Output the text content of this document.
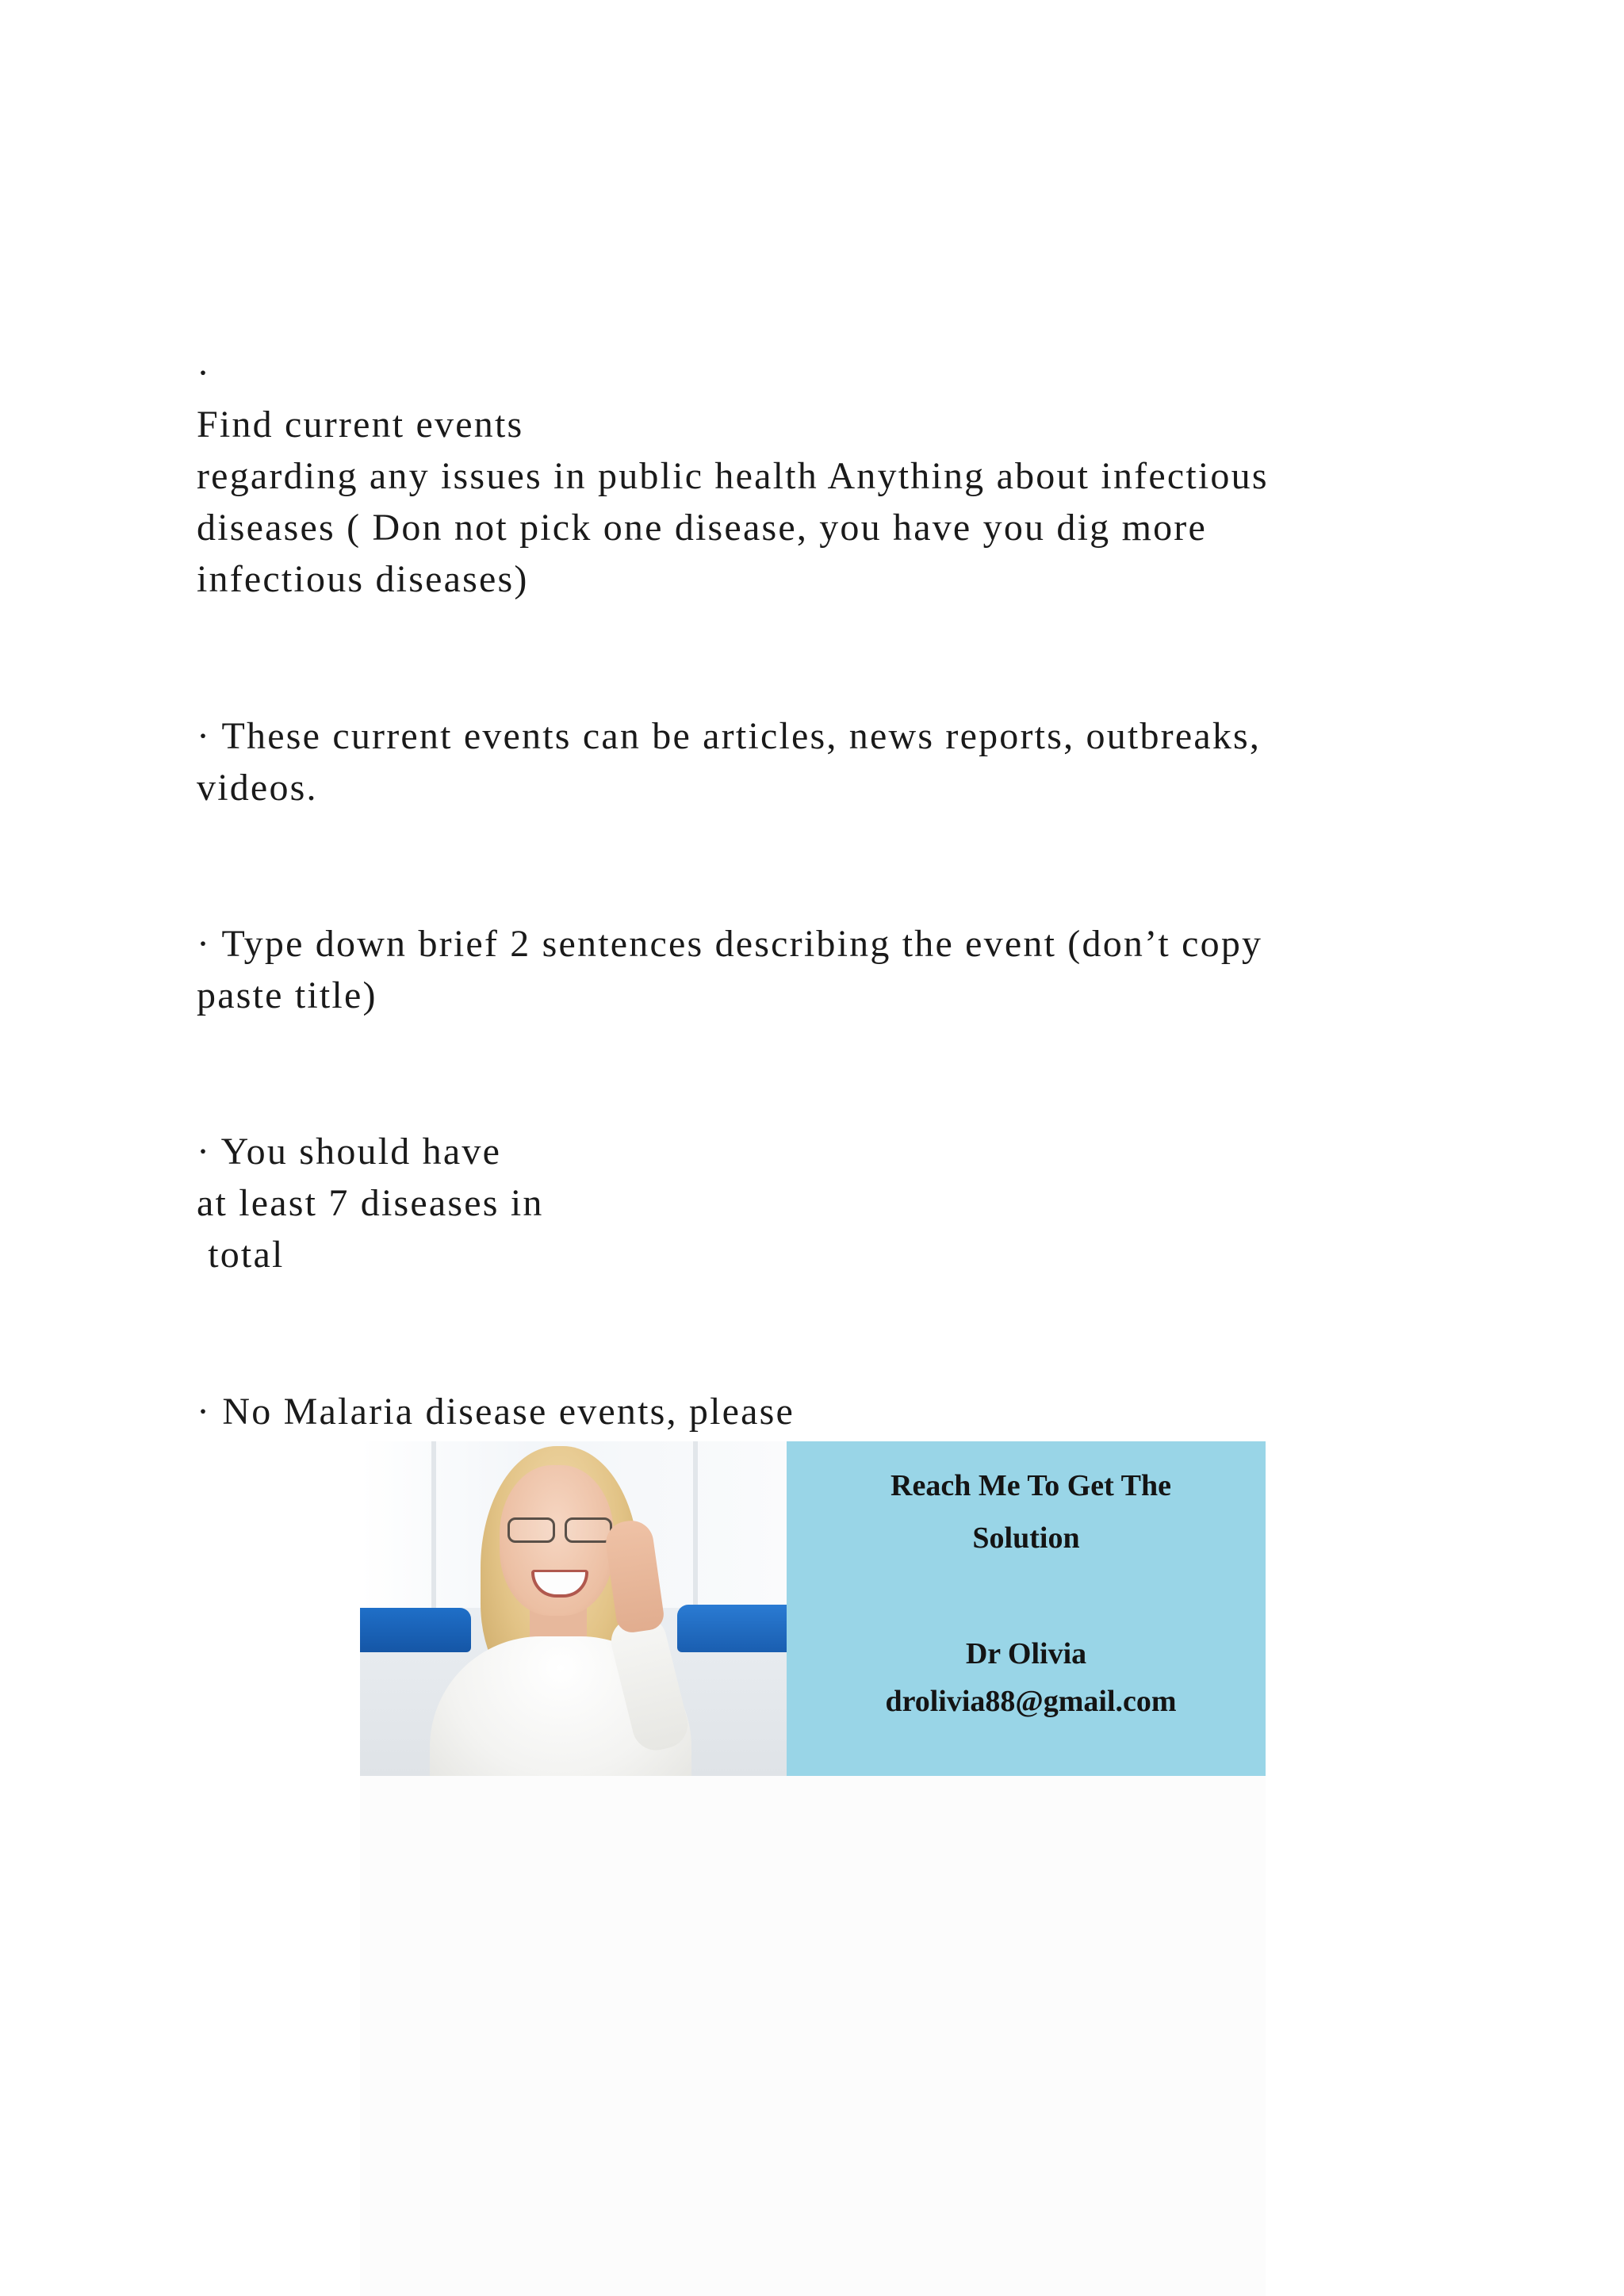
·
Find current events
regarding any issues in public health Anything about infectious
diseases ( Don not pick one disease, you have you dig more
infectious diseases)
· These current events can be articles, news reports, outbreaks,
videos.
· Type down brief 2 sentences describing the event (don’t copy
paste title)
· You should have
at least 7 diseases in
total
· No Malaria disease events, please

Reach Me To Get The

Solution

Dr Olivia

drolivia88@gmail.com
